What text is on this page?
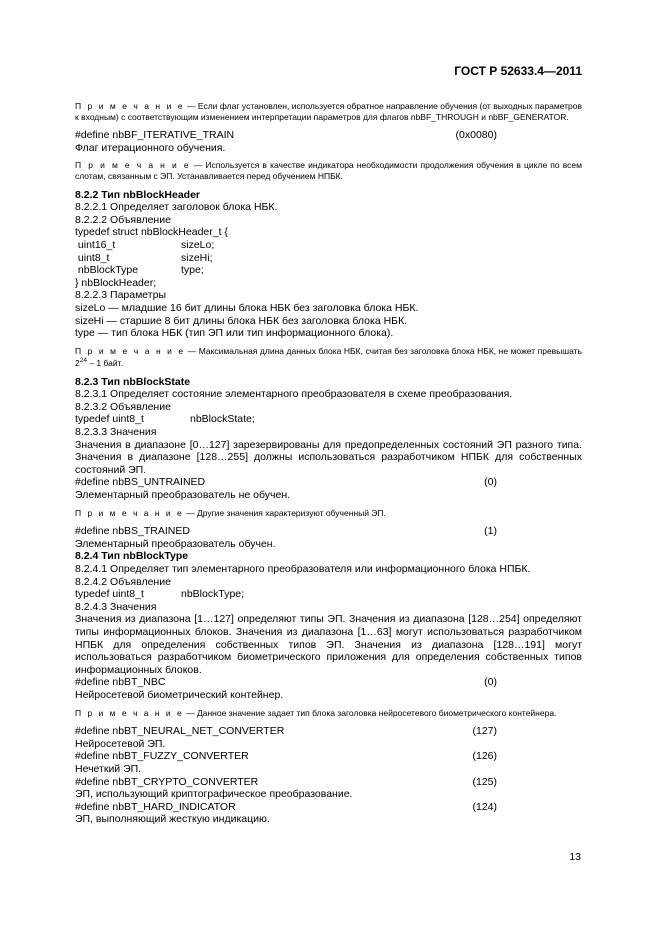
ГОСТ Р 52633.4—2011
П р и м е ч а н и е — Если флаг установлен, используется обратное направление обучения (от выходных параметров к входным) с соответствующим изменением интерпретации параметров для флагов nbBF_THROUGH и nbBF_GENERATOR.
#define nbBF_ITERATIVE_TRAIN	(0x0080)
Флаг итерационного обучения.
П р и м е ч а н и е — Используется в качестве индикатора необходимости продолжения обучения в цикле по всем слотам, связанным с ЭП. Устанавливается перед обучением НПБК.
8.2.2 Тип nbBlockHeader
8.2.2.1 Определяет заголовок блока НБК.
8.2.2.2 Объявление
typedef struct nbBlockHeader_t {
uint16_t	sizeLo;
uint8_t	sizeHi;
nbBlockType	type;
} nbBlockHeader;
8.2.2.3 Параметры
sizeLo — младшие 16 бит длины блока НБК без заголовка блока НБК.
sizeHi — старшие 8 бит длины блока НБК без заголовка блока НБК.
type — тип блока НБК (тип ЭП или тип информационного блока).
П р и м е ч а н и е — Максимальная длина данных блока НБК, считая без заголовка блока НБК, не может превышать $2^{24} - 1$ байт.
8.2.3 Тип nbBlockState
8.2.3.1 Определяет состояние элементарного преобразователя в схеме преобразования.
8.2.3.2 Объявление
typedef uint8_t	nbBlockState;
8.2.3.3 Значения
Значения в диапазоне [0…127] зарезервированы для предопределенных состояний ЭП разного типа. Значения в диапазоне [128…255] должны использоваться разработчиком НПБК для собственных состояний ЭП.
#define nbBS_UNTRAINED	(0)
Элементарный преобразователь не обучен.
П р и м е ч а н и е — Другие значения характеризуют обученный ЭП.
#define nbBS_TRAINED	(1)
Элементарный преобразователь обучен.
8.2.4 Тип nbBlockType
8.2.4.1 Определяет тип элементарного преобразователя или информационного блока НПБК.
8.2.4.2 Объявление
typedef uint8_t	nbBlockType;
8.2.4.3 Значения
Значения из диапазона [1…127] определяют типы ЭП. Значения из диапазона [128…254] определяют типы информационных блоков. Значения из диапазона [1…63] могут использоваться разработчиком НПБК для определения собственных типов ЭП. Значения из диапазона [128…191] могут использоваться разработчиком биометрического приложения для определения собственных типов информационных блоков.
#define nbBT_NBC	(0)
Нейросетевой биометрический контейнер.
П р и м е ч а н и е — Данное значение задает тип блока заголовка нейросетевого биометрического контейнера.
#define nbBT_NEURAL_NET_CONVERTER	(127)
Нейросетевой ЭП.
#define nbBT_FUZZY_CONVERTER	(126)
Нечеткий ЭП.
#define nbBT_CRYPTO_CONVERTER	(125)
ЭП, использующий криптографическое преобразование.
#define nbBT_HARD_INDICATOR	(124)
ЭП, выполняющий жесткую индикацию.
13
